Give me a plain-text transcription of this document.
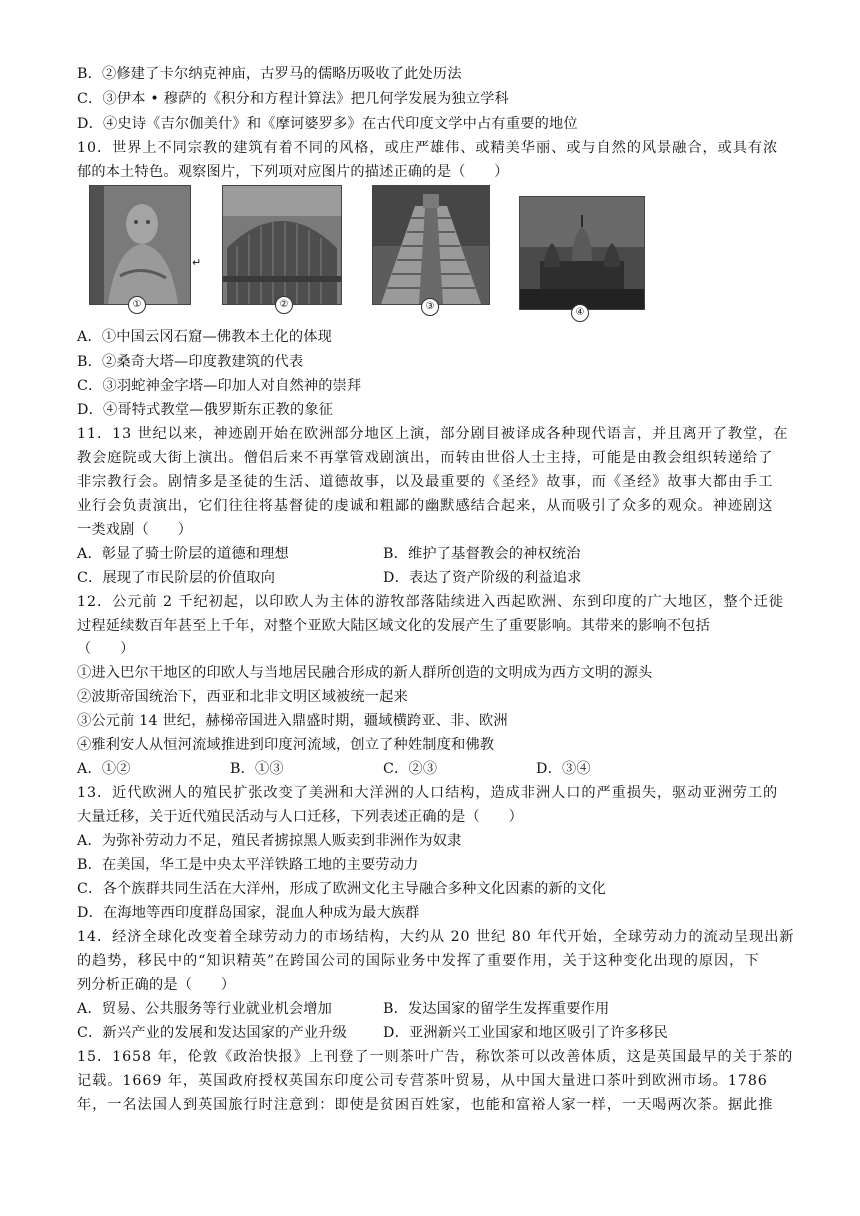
B．②修建了卡尔纳克神庙，古罗马的儒略历吸收了此处历法
C．③伊本 • 穆萨的《积分和方程计算法》把几何学发展为独立学科
D．④史诗《吉尔伽美什》和《摩诃婆罗多》在古代印度文学中占有重要的地位
10．世界上不同宗教的建筑有着不同的风格，或庄严雄伟、或精美华丽、或与自然的风景融合，或具有浓
郁的本土特色。观察图片，下列项对应图片的描述正确的是（　　）
①
↵
②	③
④
A．①中国云冈石窟—佛教本土化的体现
B．②桑奇大塔—印度教建筑的代表
C．③羽蛇神金字塔—印加人对自然神的崇拜
D．④哥特式教堂—俄罗斯东正教的象征
11．13 世纪以来，神迹剧开始在欧洲部分地区上演，部分剧目被译成各种现代语言，并且离开了教堂，在
教会庭院或大街上演出。僧侣后来不再掌管戏剧演出，而转由世俗人士主持，可能是由教会组织转递给了
非宗教行会。剧情多是圣徒的生活、道德故事，以及最重要的《圣经》故事，而《圣经》故事大都由手工
业行会负责演出，它们往往将基督徒的虔诚和粗鄙的幽默感结合起来，从而吸引了众多的观众。神迹剧这
一类戏剧（　　）
A．彰显了骑士阶层的道德和理想	B．维护了基督教会的神权统治
C．展现了市民阶层的价值取向	D．表达了资产阶级的利益追求
12．公元前 2 千纪初起，以印欧人为主体的游牧部落陆续进入西起欧洲、东到印度的广大地区，整个迁徙
过程延续数百年甚至上千年，对整个亚欧大陆区域文化的发展产生了重要影响。其带来的影响不包括
（　　）
①进入巴尔干地区的印欧人与当地居民融合形成的新人群所创造的文明成为西方文明的源头
②波斯帝国统治下，西亚和北非文明区域被统一起来
③公元前 14 世纪，赫梯帝国进入鼎盛时期，疆域横跨亚、非、欧洲
④雅利安人从恒河流域推进到印度河流域，创立了种姓制度和佛教
A．①②	B．①③	C．②③	D．③④
13．近代欧洲人的殖民扩张改变了美洲和大洋洲的人口结构，造成非洲人口的严重损失，驱动亚洲劳工的
大量迁移，关于近代殖民活动与人口迁移，下列表述正确的是（　　）
A．为弥补劳动力不足，殖民者掳掠黑人贩卖到非洲作为奴隶
B．在美国，华工是中央太平洋铁路工地的主要劳动力
C．各个族群共同生活在大洋州，形成了欧洲文化主导融合多种文化因素的新的文化
D．在海地等西印度群岛国家，混血人种成为最大族群
14．经济全球化改变着全球劳动力的市场结构，大约从 20 世纪 80 年代开始，全球劳动力的流动呈现出新
的趋势，移民中的“知识精英”在跨国公司的国际业务中发挥了重要作用，关于这种变化出现的原因，下
列分析正确的是（　　）
A．贸易、公共服务等行业就业机会增加	B．发达国家的留学生发挥重要作用
C．新兴产业的发展和发达国家的产业升级	D．亚洲新兴工业国家和地区吸引了许多移民
15．1658 年，伦敦《政治快报》上刊登了一则茶叶广告，称饮茶可以改善体质，这是英国最早的关于茶的
记载。1669 年，英国政府授权英国东印度公司专营茶叶贸易，从中国大量进口茶叶到欧洲市场。1786
年，一名法国人到英国旅行时注意到：即使是贫困百姓家，也能和富裕人家一样，一天喝两次茶。据此推
